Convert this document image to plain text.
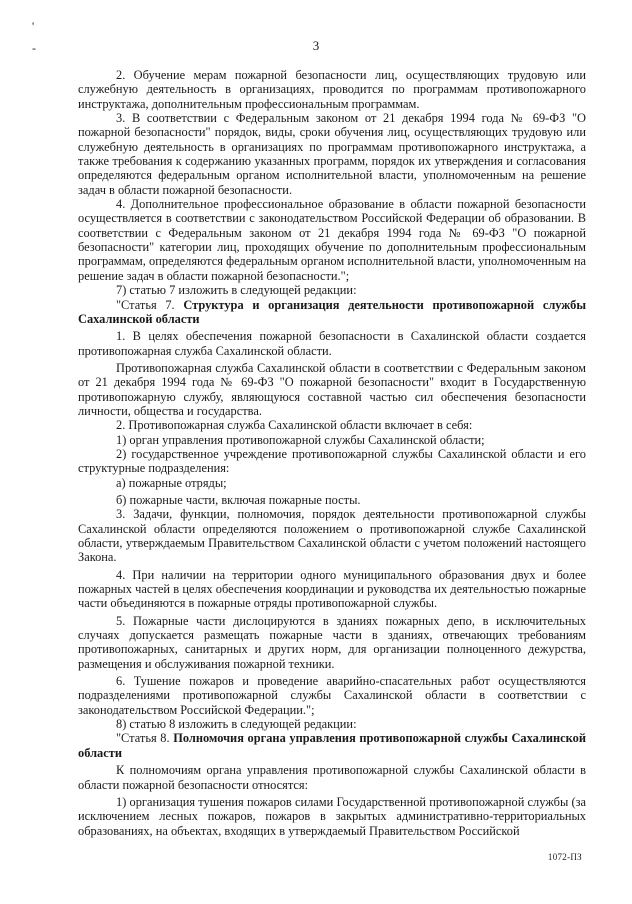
'
-	3

2. Обучение мерам пожарной безопасности лиц, осуществляющих трудовую или служебную деятельность в организациях, проводится по программам противопожарного инструктажа, дополнительным профессиональным программам.

3. В соответствии с Федеральным законом от 21 декабря 1994 года № 69-ФЗ "О пожарной безопасности" порядок, виды, сроки обучения лиц, осуществляющих трудовую или служебную деятельность в организациях по программам противопожарного инструктажа, а также требования к содержанию указанных программ, порядок их утверждения и согласования определяются федеральным органом исполнительной власти, уполномоченным на решение задач в области пожарной безопасности.

4. Дополнительное профессиональное образование в области пожарной безопасности осуществляется в соответствии с законодательством Российской Федерации об образовании. В соответствии с Федеральным законом от 21 декабря 1994 года № 69-ФЗ "О пожарной безопасности" категории лиц, проходящих обучение по дополнительным профессиональным программам, определяются федеральным органом исполнительной власти, уполномоченным на решение задач в области пожарной безопасности.";

7) статью 7 изложить в следующей редакции:

"Статья 7. Структура и организация деятельности противопожарной службы Сахалинской области

1. В целях обеспечения пожарной безопасности в Сахалинской области создается противопожарная служба Сахалинской области.

Противопожарная служба Сахалинской области в соответствии с Федеральным законом от 21 декабря 1994 года № 69-ФЗ "О пожарной безопасности" входит в Государственную противопожарную службу, являющуюся составной частью сил обеспечения безопасности личности, общества и государства.

2. Противопожарная служба Сахалинской области включает в себя:

1) орган управления противопожарной службы Сахалинской области;

2) государственное учреждение противопожарной службы Сахалинской области и его структурные подразделения:

а) пожарные отряды;

б) пожарные части, включая пожарные посты.

3. Задачи, функции, полномочия, порядок деятельности противопожарной службы Сахалинской области определяются положением о противопожарной службе Сахалинской области, утверждаемым Правительством Сахалинской области с учетом положений настоящего Закона.

4. При наличии на территории одного муниципального образования двух и более пожарных частей в целях обеспечения координации и руководства их деятельностью пожарные части объединяются в пожарные отряды противопожарной службы.

5. Пожарные части дислоцируются в зданиях пожарных депо, в исключительных случаях допускается размещать пожарные части в зданиях, отвечающих требованиям противопожарных, санитарных и других норм, для организации полноценного дежурства, размещения и обслуживания пожарной техники.

6. Тушение пожаров и проведение аварийно-спасательных работ осуществляются подразделениями противопожарной службы Сахалинской области в соответствии с законодательством Российской Федерации.";

8) статью 8 изложить в следующей редакции:

"Статья 8. Полномочия органа управления противопожарной службы Сахалинской области

К полномочиям органа управления противопожарной службы Сахалинской области в области пожарной безопасности относятся:

1) организация тушения пожаров силами Государственной противопожарной службы (за исключением лесных пожаров, пожаров в закрытых административно-территориальных образованиях, на объектах, входящих в утверждаемый Правительством Российской

1072-ПЗ
